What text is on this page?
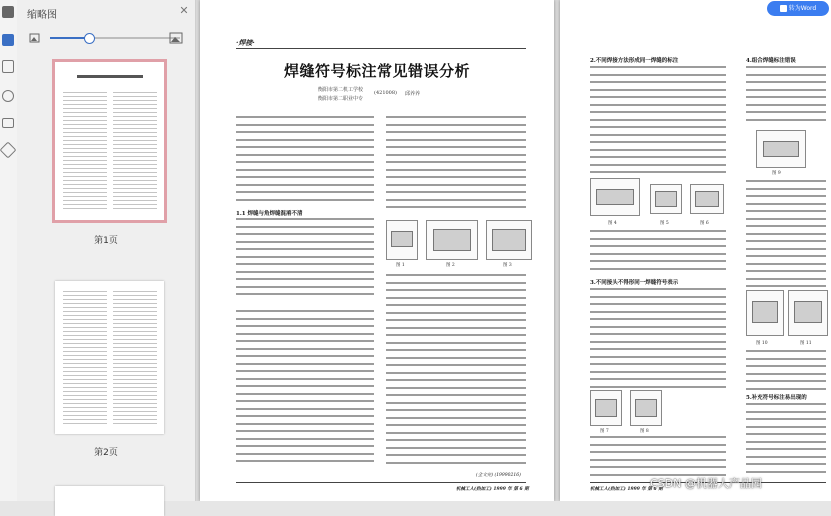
缩略图	✕
第1页
第2页
·焊接·
焊缝符号标注常见错误分析
衡阳市第二机工学校
衡阳市第二职业中专
(421008) 邱养养
1.1 焊缝与角焊缝混淆不清
图 1	图 2	图 3
(全文完) (19990216)
机械工人(热加工) 1999 年 第 6 期
2.不同焊接方法形成同一焊缝的标注
3.不同接头不得形同一焊缝符号表示
4.组合焊缝标注错误
5.补充符号标注易出现的
图 4	图 5	图 6
图 7	图 8
图 9
图 10	图 11
机械工人(热加工) 1999 年 第 6 期
转为Word
CSDN @机器人产品园
